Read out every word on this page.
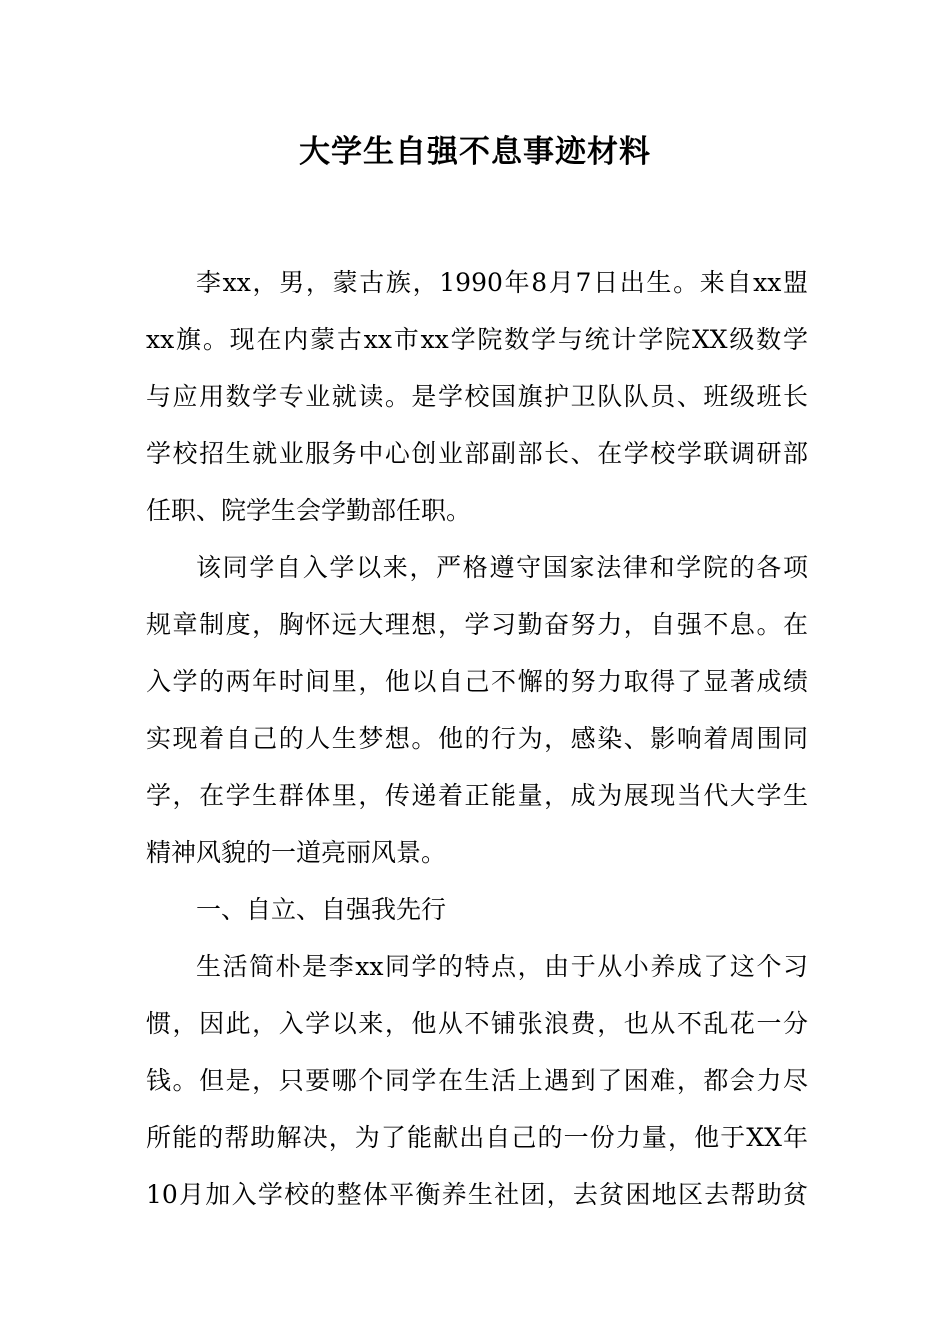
大学生自强不息事迹材料
李xx，男，蒙古族，1990年8月7日出生。来自xx盟
xx旗。现在内蒙古xx市xx学院数学与统计学院XX级数学
与应用数学专业就读。是学校国旗护卫队队员、班级班长
学校招生就业服务中心创业部副部长、在学校学联调研部
任职、院学生会学勤部任职。
该同学自入学以来，严格遵守国家法律和学院的各项
规章制度，胸怀远大理想，学习勤奋努力，自强不息。在
入学的两年时间里，他以自己不懈的努力取得了显著成绩
实现着自己的人生梦想。他的行为，感染、影响着周围同
学，在学生群体里，传递着正能量，成为展现当代大学生
精神风貌的一道亮丽风景。
一、自立、自强我先行
生活简朴是李xx同学的特点，由于从小养成了这个习
惯，因此，入学以来，他从不铺张浪费，也从不乱花一分
钱。但是，只要哪个同学在生活上遇到了困难，都会力尽
所能的帮助解决，为了能献出自己的一份力量，他于XX年
10月加入学校的整体平衡养生社团，去贫困地区去帮助贫
